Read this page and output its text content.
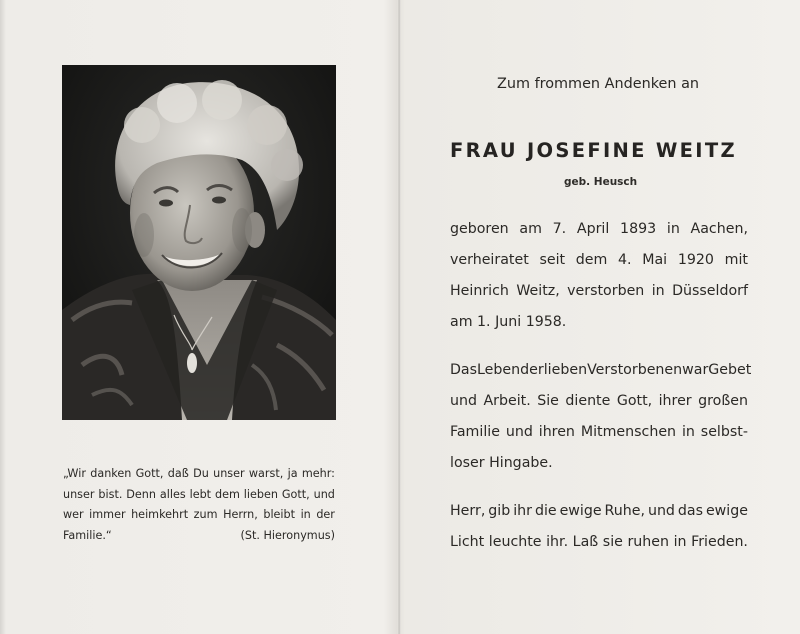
„Wir danken Gott, daß Du unser warst, ja mehr:
unser bist. Denn alles lebt dem lieben Gott, und
wer immer heimkehrt zum Herrn, bleibt in der
Familie.“	(St. Hieronymus)
Zum frommen Andenken an
FRAU JOSEFINE WEITZ
geb. Heusch
geboren am 7. April 1893 in Aachen,
verheiratet seit dem 4. Mai 1920 mit
Heinrich Weitz, verstorben in Düsseldorf
am 1. Juni 1958.
Das Leben der lieben Verstorbenen war Gebet
und Arbeit. Sie diente Gott, ihrer großen
Familie und ihren Mitmenschen in selbst-
loser Hingabe.
Herr, gib ihr die ewige Ruhe, und das ewige
Licht leuchte ihr. Laß sie ruhen in Frieden.
